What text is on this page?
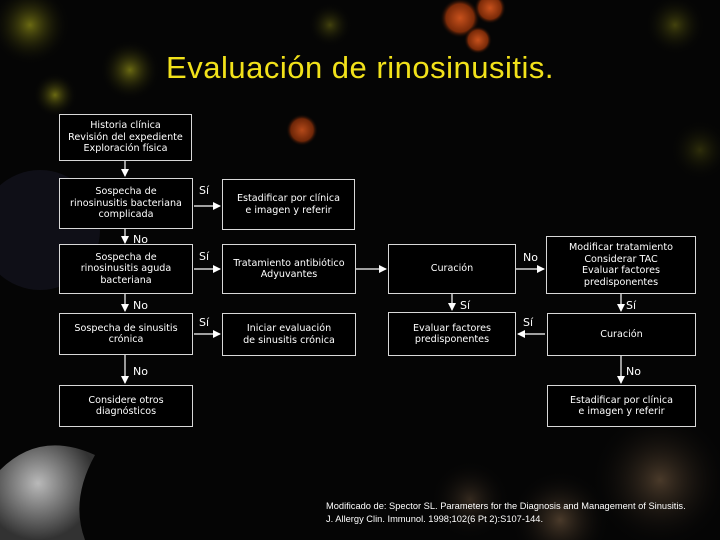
Evaluación de rinosinusitis.
Historia clínica
Revisión del expediente
Exploración física
Sospecha de
rinosinusitis bacteriana
complicada
Estadificar por clínica
e imagen y referir
Sospecha de
rinosinusitis aguda
bacteriana
Tratamiento antibiótico
Adyuvantes
Curación
Modificar tratamiento
Considerar TAC
Evaluar factores
predisponentes
Sospecha de sinusitis
crónica
Iniciar evaluación
de sinusitis crónica
Evaluar factores
predisponentes	Curación
Considere otros
diagnósticos
Estadificar por clínica
e imagen y referir
Sí
No
Sí
No
Sí
No
No
Sí	Sí
Sí
No
Modificado de: Spector SL. Parameters for the Diagnosis and Management of Sinusitis.
J. Allergy Clin. Immunol. 1998;102(6 Pt 2):S107-144.
